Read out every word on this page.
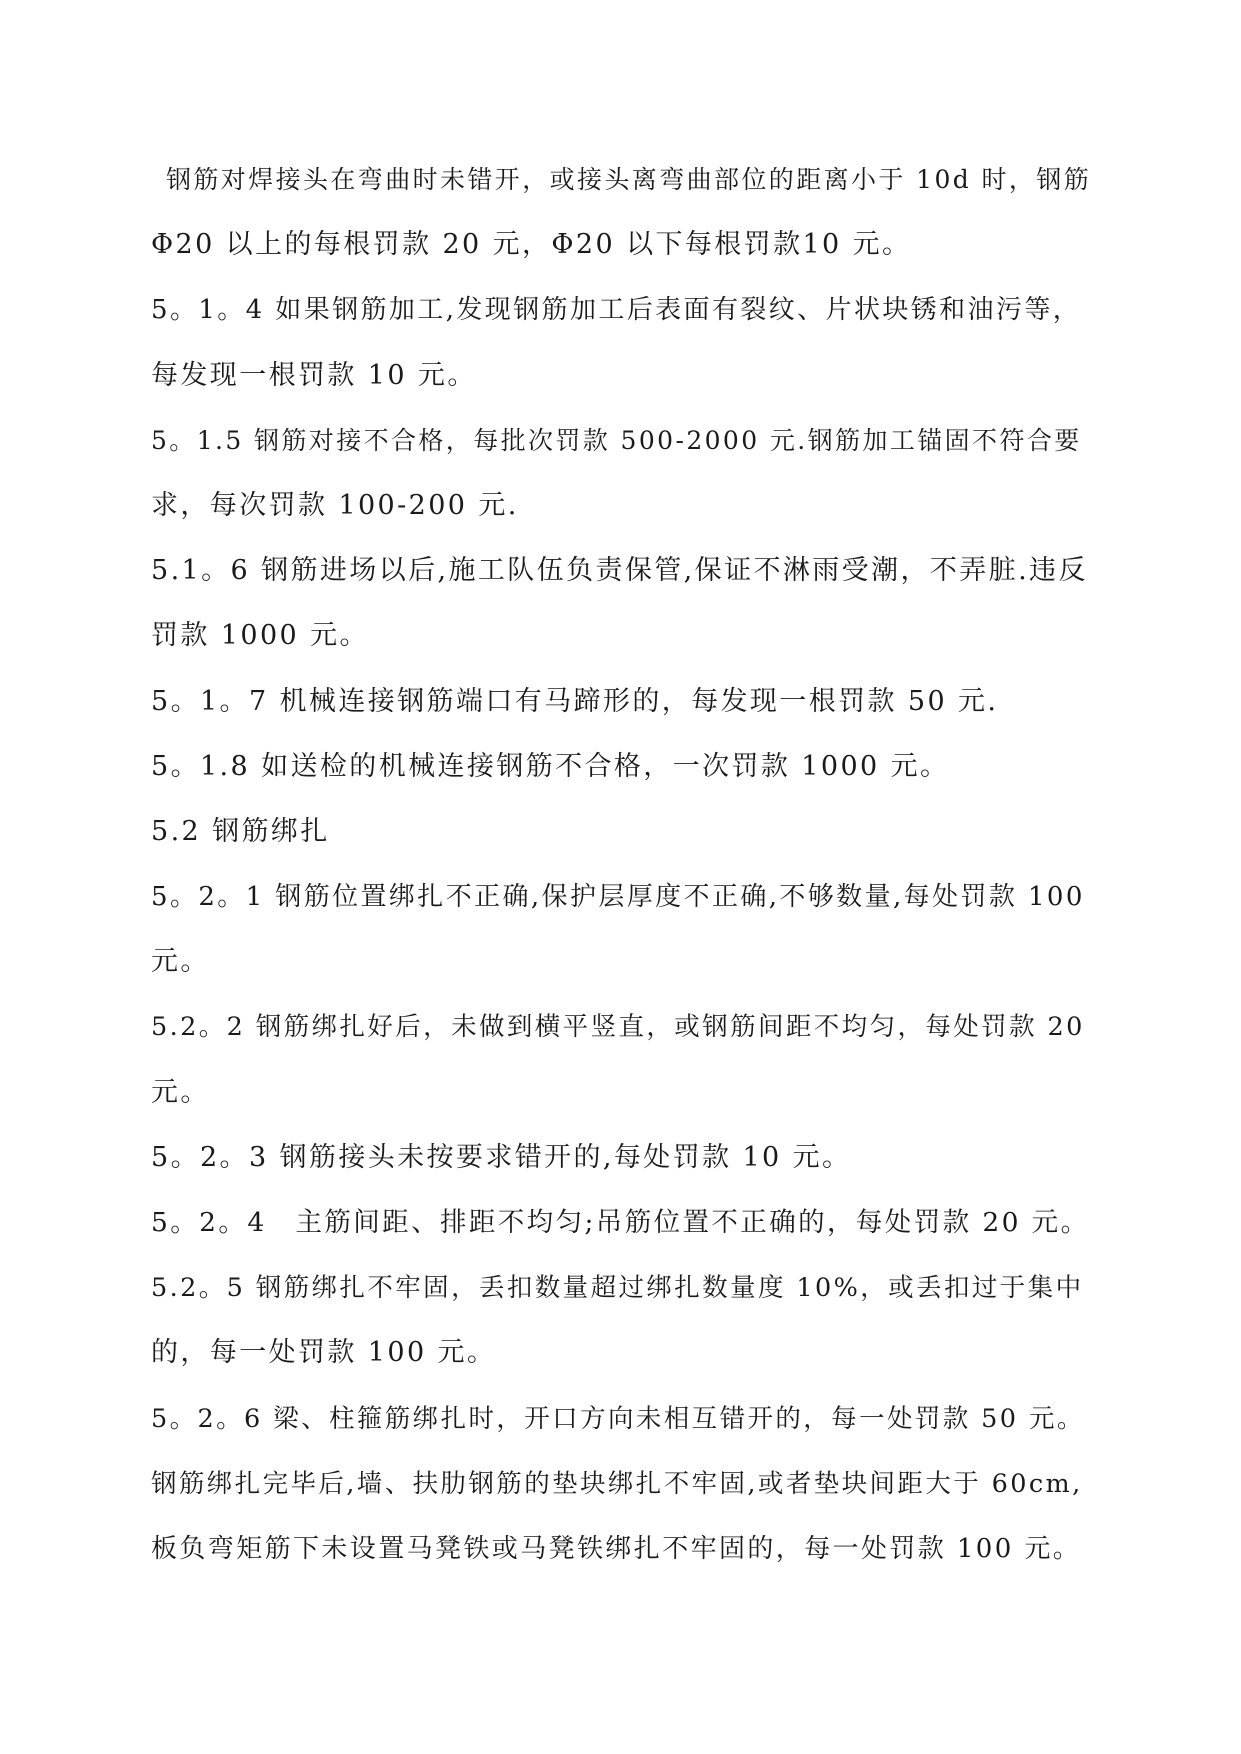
钢筋对焊接头在弯曲时未错开，或接头离弯曲部位的距离小于 10d 时，钢筋
Φ20 以上的每根罚款 20 元，Φ20 以下每根罚款10 元。
5。1。4 如果钢筋加工,发现钢筋加工后表面有裂纹、片状块锈和油污等，
每发现一根罚款 10 元。
5。1.5 钢筋对接不合格，每批次罚款 500-2000 元.钢筋加工锚固不符合要
求，每次罚款 100-200 元.
5.1。6 钢筋进场以后,施工队伍负责保管,保证不淋雨受潮，不弄脏.违反
罚款 1000 元。
5。1。7 机械连接钢筋端口有马蹄形的，每发现一根罚款 50 元.
5。1.8 如送检的机械连接钢筋不合格，一次罚款 1000 元。
5.2 钢筋绑扎
5。2。1 钢筋位置绑扎不正确,保护层厚度不正确,不够数量,每处罚款 100
元。
5.2。2 钢筋绑扎好后，未做到横平竖直，或钢筋间距不均匀，每处罚款 20
元。
5。2。3 钢筋接头未按要求错开的,每处罚款 10 元。
5。2。4　主筋间距、排距不均匀;吊筋位置不正确的，每处罚款 20 元。
5.2。5 钢筋绑扎不牢固，丢扣数量超过绑扎数量度 10%，或丢扣过于集中
的，每一处罚款 100 元。
5。2。6 梁、柱箍筋绑扎时，开口方向未相互错开的，每一处罚款 50 元。
钢筋绑扎完毕后,墙、扶肋钢筋的垫块绑扎不牢固,或者垫块间距大于 60cm,
板负弯矩筋下未设置马凳铁或马凳铁绑扎不牢固的，每一处罚款 100 元。
